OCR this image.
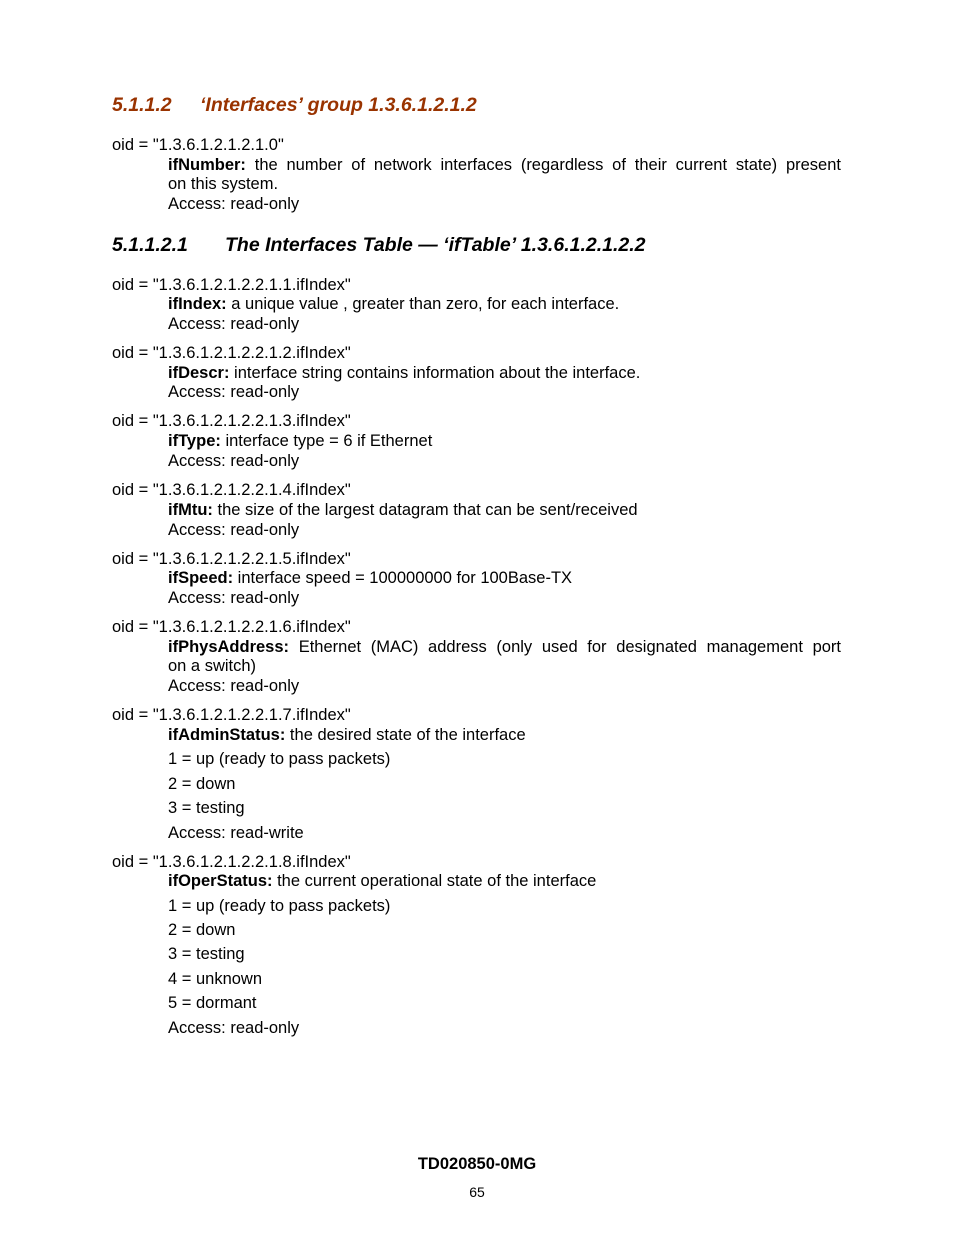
5.1.1.2 ‘Interfaces’ group 1.3.6.1.2.1.2
oid = "1.3.6.1.2.1.2.1.0"
ifNumber: the number of network interfaces (regardless of their current state) present
on this system.
Access: read-only
5.1.1.2.1 The Interfaces Table — ‘ifTable’ 1.3.6.1.2.1.2.2
oid = "1.3.6.1.2.1.2.2.1.1.ifIndex"
ifIndex: a unique value , greater than zero, for each interface.
Access: read-only
oid = "1.3.6.1.2.1.2.2.1.2.ifIndex"
ifDescr: interface string contains information about the interface.
Access: read-only
oid = "1.3.6.1.2.1.2.2.1.3.ifIndex"
ifType: interface type = 6 if Ethernet
Access: read-only
oid = "1.3.6.1.2.1.2.2.1.4.ifIndex"
ifMtu: the size of the largest datagram that can be sent/received
Access: read-only
oid = "1.3.6.1.2.1.2.2.1.5.ifIndex"
ifSpeed: interface speed = 100000000 for 100Base-TX
Access: read-only
oid = "1.3.6.1.2.1.2.2.1.6.ifIndex"
ifPhysAddress: Ethernet (MAC) address (only used for designated management port
on a switch)
Access: read-only
oid = "1.3.6.1.2.1.2.2.1.7.ifIndex"
ifAdminStatus: the desired state of the interface
1 = up (ready to pass packets)
2 = down
3 = testing
Access: read-write
oid = "1.3.6.1.2.1.2.2.1.8.ifIndex"
ifOperStatus: the current operational state of the interface
1 = up (ready to pass packets)
2 = down
3 = testing
4 = unknown
5 = dormant
Access: read-only
TD020850-0MG
65
